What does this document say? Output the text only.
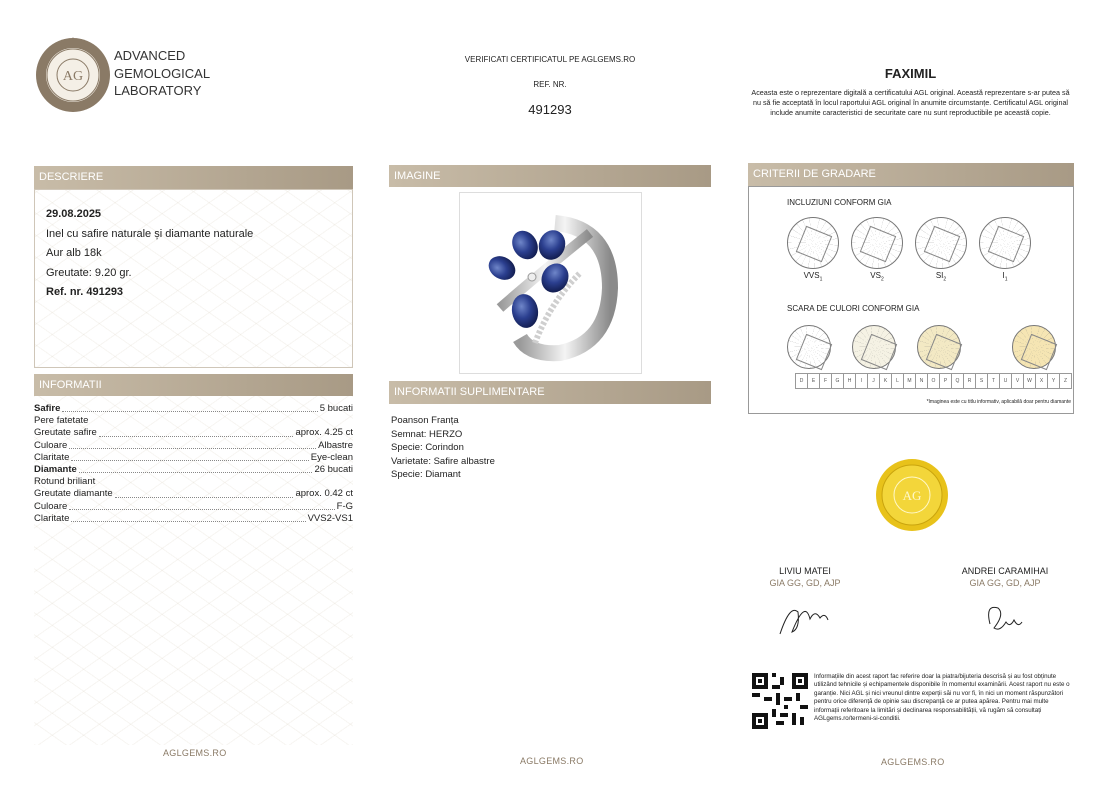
AG
ADVANCED
GEMOLOGICAL
LABORATORY
VERIFICATI CERTIFICATUL PE AGLGEMS.RO
REF. NR.
491293
FAXIMIL
Aceasta este o reprezentare digitală a certificatului AGL original. Această reprezentare s-ar putea să nu să fie acceptată în locul raportului AGL original în anumite circumstanțe. Certificatul AGL original include anumite caracteristici de securitate care nu sunt reproductibile pe această copie.
DESCRIERE
29.08.2025
Inel cu safire naturale și diamante naturale
Aur alb 18k
Greutate: 9.20 gr.
Ref. nr. 491293
INFORMATII
Safire	5 bucati
Pere fatetate
Greutate safire	aprox. 4.25 ct
Culoare	Albastre
Claritate	Eye-clean
Diamante	26 bucati
Rotund briliant
Greutate diamante	aprox. 0.42 ct
Culoare	F-G
Claritate	VVS2-VS1
AGLGEMS.RO
IMAGINE
INFORMATII SUPLIMENTARE
Poanson Franța
Semnat: HERZO
Specie: Corindon
Varietate: Safire albastre
Specie: Diamant
AGLGEMS.RO
CRITERII DE GRADARE
INCLUZIUNI CONFORM GIA
$VVS_1$	$VS_2$	$SI_2$	$I_1$
SCARA DE CULORI CONFORM GIA
D	E	F	G	H	I	J	K	L	M	N	O	P	Q	R	S	T	U	V	W	X	Y	Z
*Imaginea este cu titlu informativ, aplicabilă doar pentru diamante
AG
LIVIU MATEI
GIA GG, GD, AJP
ANDREI CARAMIHAI
GIA GG, GD, AJP
Informațiile din acest raport fac referire doar la piatra/bijuteria descrisă și au fost obținute utilizând tehnicile și echipamentele disponibile în momentul examinării. Acest raport nu este o garanție. Nici AGL și nici vreunul dintre experții săi nu vor fi, în nici un moment răspunzători pentru orice diferență de opinie sau discrepanță ce ar putea apărea. Pentru mai multe informații referitoare la limitări și declinarea responsabilității, vă rugăm să consultați AGLgems.ro/termeni-si-conditii.
AGLGEMS.RO
